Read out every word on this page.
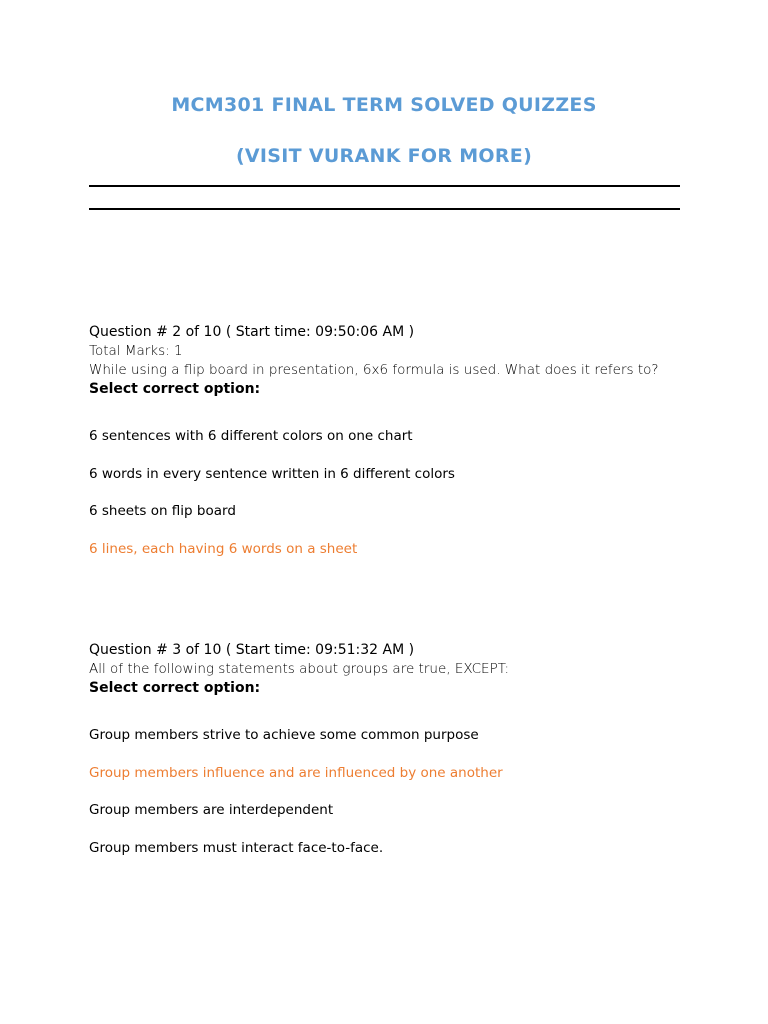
MCM301 FINAL TERM SOLVED QUIZZES
(VISIT VURANK FOR MORE)
Question # 2 of 10 ( Start time: 09:50:06 AM )
Total Marks: 1
While using a flip board in presentation, 6x6 formula is used. What does it refers to?
Select correct option:
6 sentences with 6 different colors on one chart
6 words in every sentence written in 6 different colors
6 sheets on flip board
6 lines, each having 6 words on a sheet
Question # 3 of 10 ( Start time: 09:51:32 AM )
All of the following statements about groups are true, EXCEPT:
Select correct option:
Group members strive to achieve some common purpose
Group members influence and are influenced by one another
Group members are interdependent
Group members must interact face-to-face.
